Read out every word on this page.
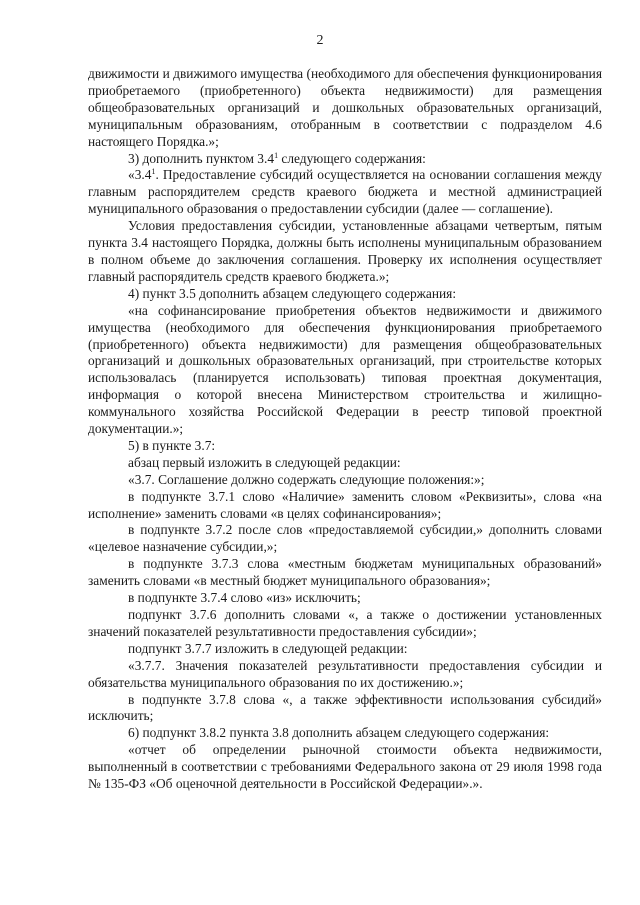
2

движимости и движимого имущества (необходимого для обеспечения функционирования приобретаемого (приобретенного) объекта недвижимости) для размещения общеобразовательных организаций и дошкольных образовательных организаций, муниципальным образованиям, отобранным в соответствии с подразделом 4.6 настоящего Порядка.»;

3) дополнить пунктом $3.4^1$ следующего содержания:

«$3.4^1$. Предоставление субсидий осуществляется на основании соглашения между главным распорядителем средств краевого бюджета и местной администрацией муниципального образования о предоставлении субсидии (далее — соглашение).

Условия предоставления субсидии, установленные абзацами четвертым, пятым пункта 3.4 настоящего Порядка, должны быть исполнены муниципальным образованием в полном объеме до заключения соглашения. Проверку их исполнения осуществляет главный распорядитель средств краевого бюджета.»;

4) пункт 3.5 дополнить абзацем следующего содержания:

«на софинансирование приобретения объектов недвижимости и движимого имущества (необходимого для обеспечения функционирования приобретаемого (приобретенного) объекта недвижимости) для размещения общеобразовательных организаций и дошкольных образовательных организаций, при строительстве которых использовалась (планируется использовать) типовая проектная документация, информация о которой внесена Министерством строительства и жилищно-коммунального хозяйства Российской Федерации в реестр типовой проектной документации.»;

5) в пункте 3.7:

абзац первый изложить в следующей редакции:

«3.7. Соглашение должно содержать следующие положения:»;

в подпункте 3.7.1 слово «Наличие» заменить словом «Реквизиты», слова «на исполнение» заменить словами «в целях софинансирования»;

в подпункте 3.7.2 после слов «предоставляемой субсидии,» дополнить словами «целевое назначение субсидии,»;

в подпункте 3.7.3 слова «местным бюджетам муниципальных образований» заменить словами «в местный бюджет муниципального образования»;

в подпункте 3.7.4 слово «из» исключить;

подпункт 3.7.6 дополнить словами «, а также о достижении установленных значений показателей результативности предоставления субсидии»;

подпункт 3.7.7 изложить в следующей редакции:

«3.7.7. Значения показателей результативности предоставления субсидии и обязательства муниципального образования по их достижению.»;

в подпункте 3.7.8 слова «, а также эффективности использования субсидий» исключить;

6) подпункт 3.8.2 пункта 3.8 дополнить абзацем следующего содержания:

«отчет об определении рыночной стоимости объекта недвижимости, выполненный в соответствии с требованиями Федерального закона от 29 июля 1998 года № 135-ФЗ «Об оценочной деятельности в Российской Федерации».».
